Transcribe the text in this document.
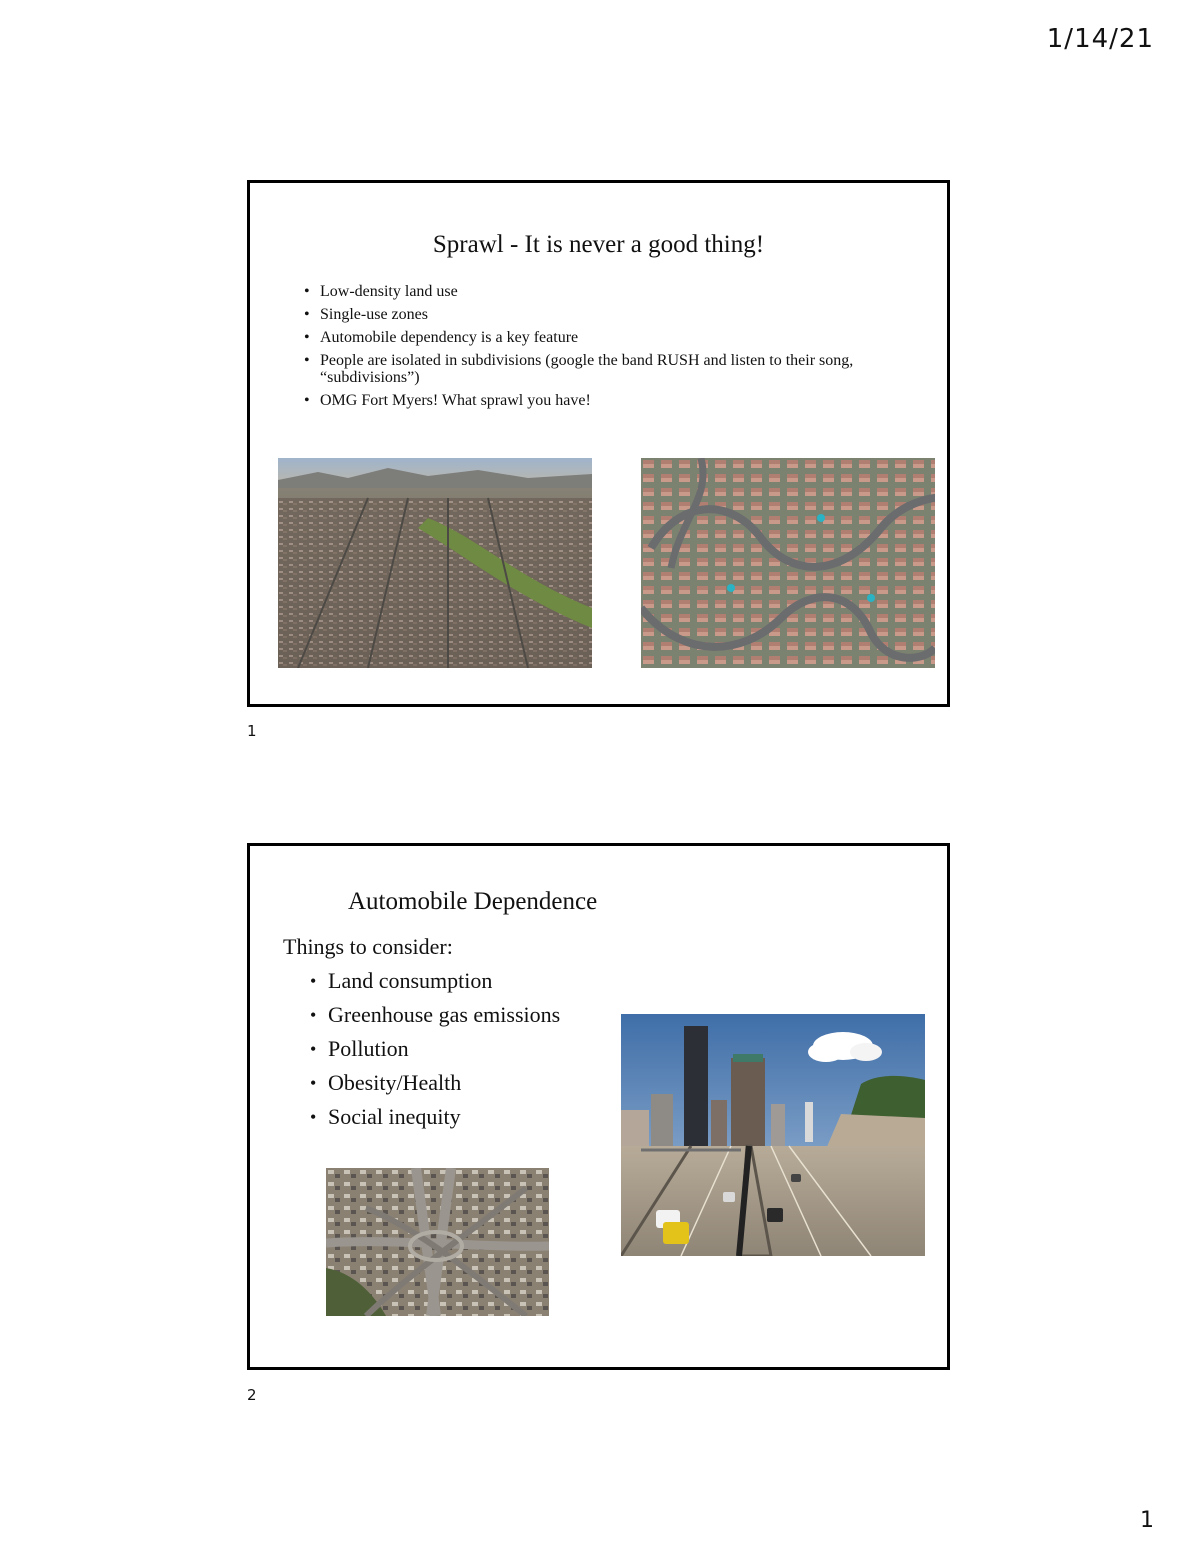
1/14/21
Sprawl - It is never a good thing!
• Low-density land use
• Single-use zones
• Automobile dependency is a key feature
• People are isolated in subdivisions (google the band RUSH and listen to their song, “subdivisions”)
• OMG Fort Myers! What sprawl you have!
1
Automobile Dependence
Things to consider:
• Land consumption
• Greenhouse gas emissions
• Pollution
• Obesity/Health
• Social inequity
2
1
